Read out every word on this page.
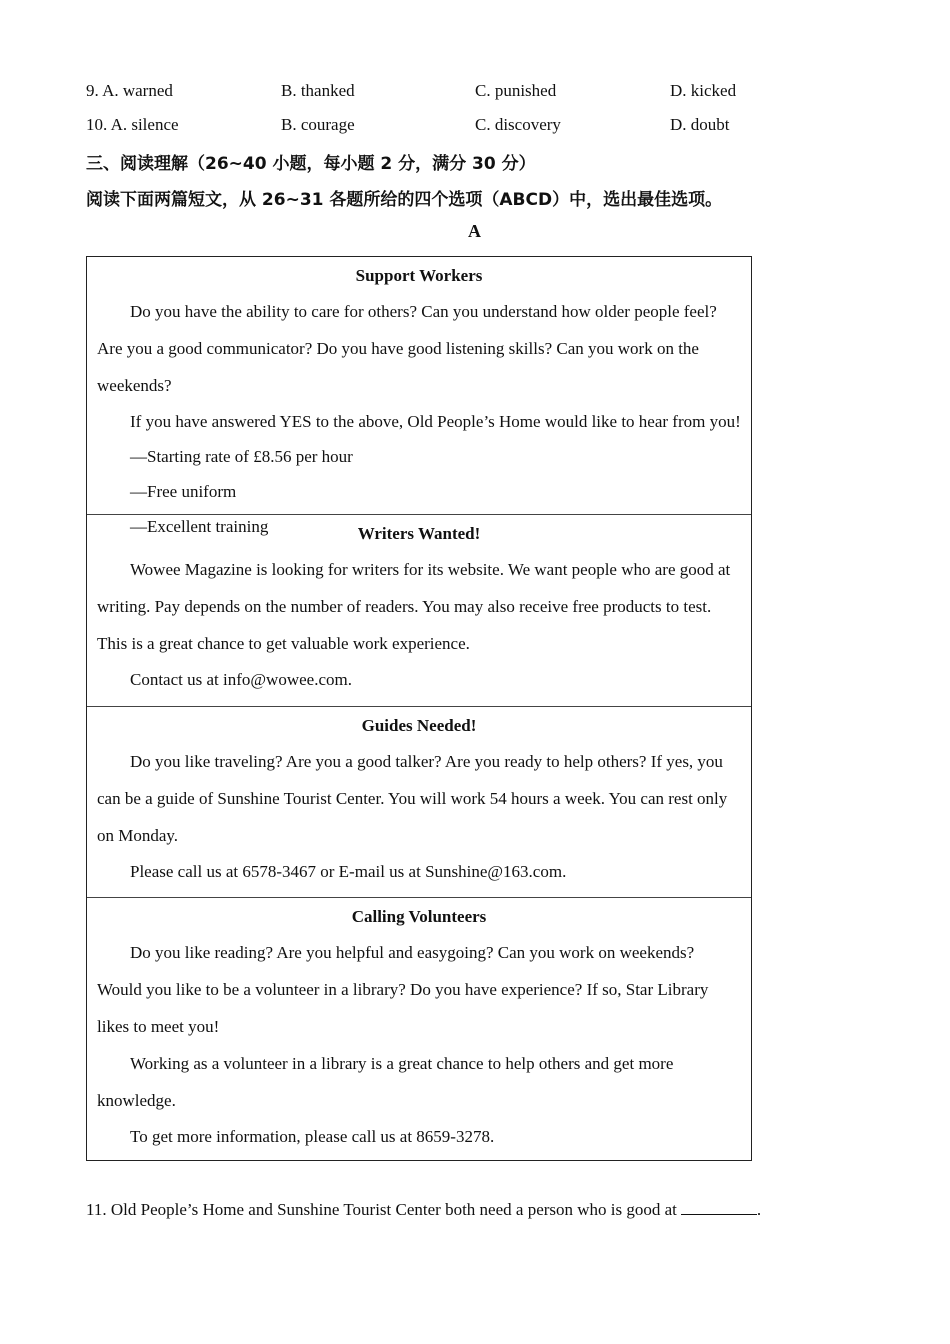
9. A. warned	B. thanked	C. punished	D. kicked
10. A. silence	B. courage	C. discovery	D. doubt
三、阅读理解（26~40 小题，每小题 2 分，满分 30 分）
阅读下面两篇短文，从 26~31 各题所给的四个选项（ABCD）中，选出最佳选项。
A
Support Workers

Do you have the ability to care for others? Can you understand how older people feel? Are you a good communicator? Do you have good listening skills? Can you work on the weekends?

If you have answered YES to the above, Old People’s Home would like to hear from you!

—Starting rate of £8.56 per hour

—Free uniform

—Excellent training	Writers Wanted!

Wowee Magazine is looking for writers for its website. We want people who are good at writing. Pay depends on the number of readers. You may also receive free products to test. This is a great chance to get valuable work experience.

Contact us at info@wowee.com.

Guides Needed!

Do you like traveling? Are you a good talker? Are you ready to help others? If yes, you can be a guide of Sunshine Tourist Center. You will work 54 hours a week. You can rest only on Monday.

Please call us at 6578-3467 or E-mail us at Sunshine@163.com.

Calling Volunteers

Do you like reading? Are you helpful and easygoing? Can you work on weekends? Would you like to be a volunteer in a library? Do you have experience? If so, Star Library likes to meet you!

Working as a volunteer in a library is a great chance to help others and get more knowledge.

To get more information, please call us at 8659-3278.

11. Old People’s Home and Sunshine Tourist Center both need a person who is good at	.
